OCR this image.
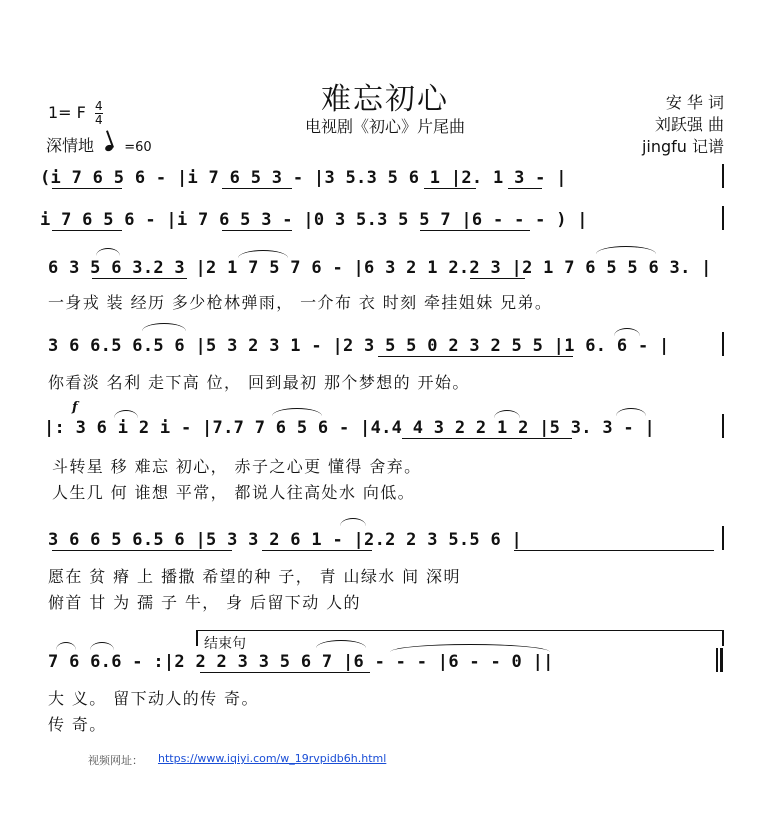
难忘初心
电视剧《初心》片尾曲
安 华 词
刘跃强 曲
jingfu 记谱
1= F $\frac{4}{4}$
深情地 =60
(i 7 6 5 6 - |i 7 6 5 3 - |3 5.3 5 6 1 |2. 1 3 - |
i 7 6 5 6 - |i 7 6 5 3 - |0 3 5.3 5 5 7 |6 - - - ) |
6 3 5 6 3.2 3 |2 1 7 5 7 6 - |6 3 2 1 2.2 3 |2 1 7 6 5 5 6 3. |
一身戎 装 经历 多少枪林弹雨， 一介布 衣 时刻 牵挂姐妹 兄弟。
3 6 6.5 6.5 6 |5 3 2 3 1 - |2 3 5 5 0 2 3 2 5 5 |1 6. 6 - |
你看淡 名利 走下高 位， 回到最初 那个梦想的 开始。
f
|: 3 6 i 2 i - |7.7 7 6 5 6 - |4.4 4 3 2 2 1 2 |5 3. 3 - |
斗转星 移 难忘 初心， 赤子之心更 懂得 舍弃。
人生几 何 谁想 平常， 都说人往高处水 向低。
3 6 6 5 6.5 6 |5 3 3 2 6 1 - |2.2 2 3 5.5 6 |
愿在 贫 瘠 上 播撒 希望的种 子， 青 山绿水 间 深明
俯首 甘 为 孺 子 牛， 身 后留下动 人的
结束句
7 6 6.6 - :|2 2 2 3 3 5 6 7 |6 - - - |6 - - 0 ||
大 义。 留下动人的传 奇。
传 奇。
视频网址： https://www.iqiyi.com/w_19rvpidb6h.html
